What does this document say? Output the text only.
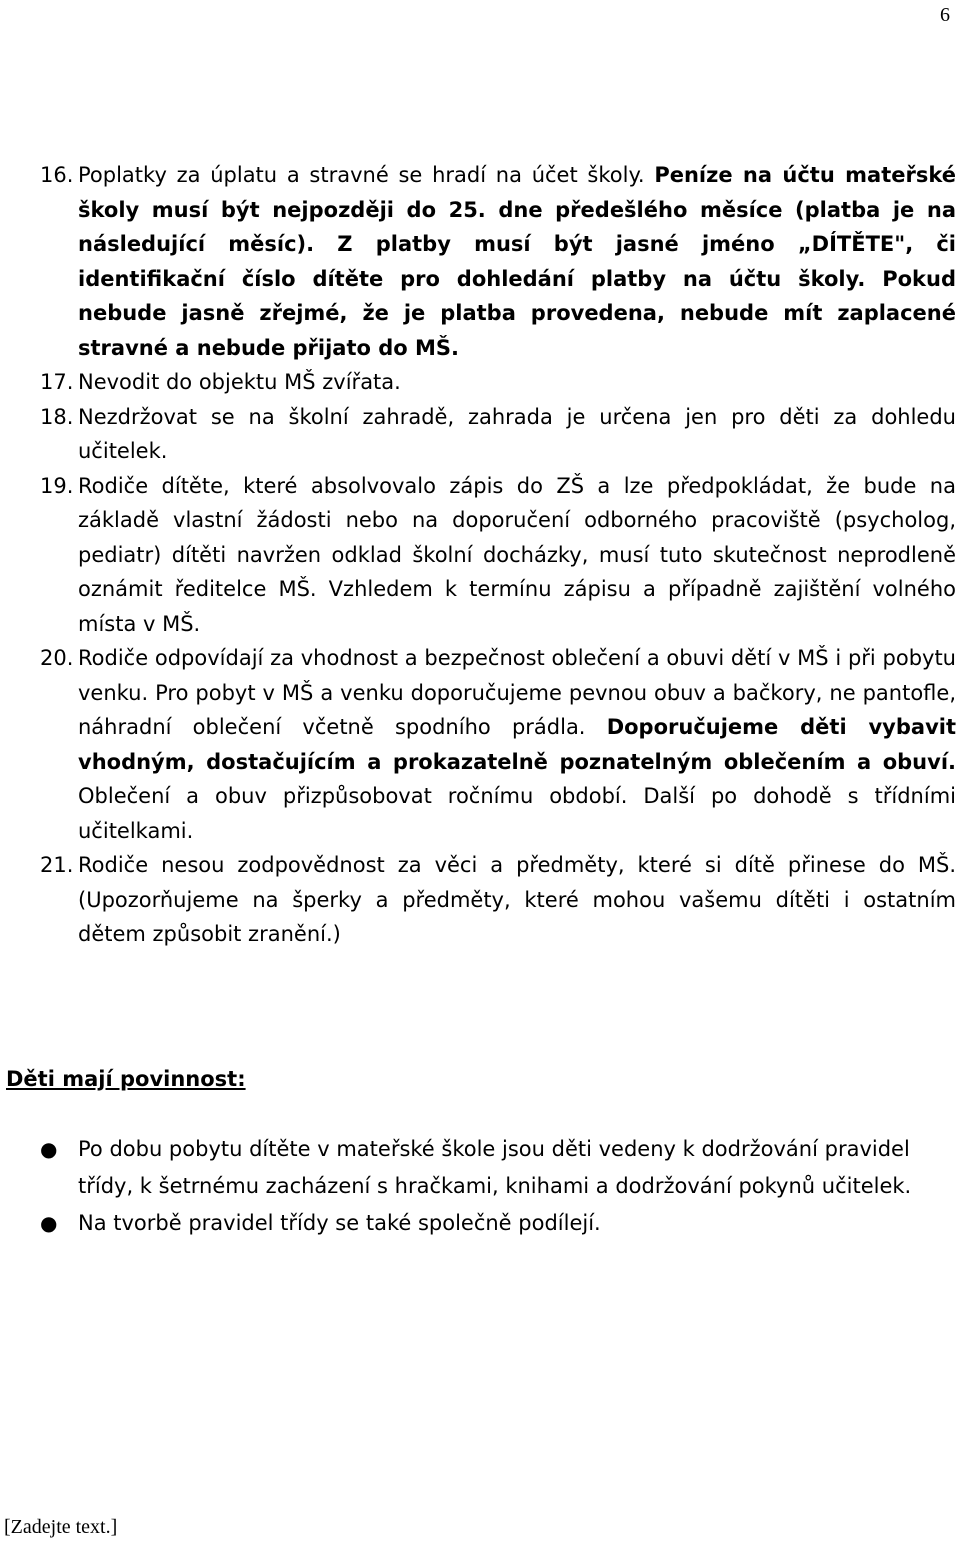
6
16. Poplatky za úplatu a stravné se hradí na účet školy. Peníze na účtu mateřské školy musí být nejpozději do 25. dne předešlého měsíce (platba je na následující měsíc). Z platby musí být jasné jméno „DÍTĚTE", či identifikační číslo dítěte pro dohledání platby na účtu školy. Pokud nebude jasně zřejmé, že je platba provedena, nebude mít zaplacené stravné a nebude přijato do MŠ.
17. Nevodit do objektu MŠ zvířata.
18. Nezdržovat se na školní zahradě, zahrada je určena jen pro děti za dohledu učitelek.
19. Rodiče dítěte, které absolvovalo zápis do ZŠ a lze předpokládat, že bude na základě vlastní žádosti nebo na doporučení odborného pracoviště (psycholog, pediatr) dítěti navržen odklad školní docházky, musí tuto skutečnost neprodleně oznámit ředitelce MŠ. Vzhledem k termínu zápisu a případně zajištění volného místa v MŠ.
20. Rodiče odpovídají za vhodnost a bezpečnost oblečení a obuvi dětí v MŠ i při pobytu venku. Pro pobyt v MŠ a venku doporučujeme pevnou obuv a bačkory, ne pantofle, náhradní oblečení včetně spodního prádla. Doporučujeme děti vybavit vhodným, dostačujícím a prokazatelně poznatelným oblečením a obuví. Oblečení a obuv přizpůsobovat ročnímu období. Další po dohodě s třídními učitelkami.
21. Rodiče nesou zodpovědnost za věci a předměty, které si dítě přinese do MŠ. (Upozorňujeme na šperky a předměty, které mohou vašemu dítěti i ostatním dětem způsobit zranění.)
Děti mají povinnost:
● Po dobu pobytu dítěte v mateřské škole jsou děti vedeny k dodržování pravidel třídy, k šetrnému zacházení s hračkami, knihami a dodržování pokynů učitelek.
● Na tvorbě pravidel třídy se také společně podílejí.
[Zadejte text.]
